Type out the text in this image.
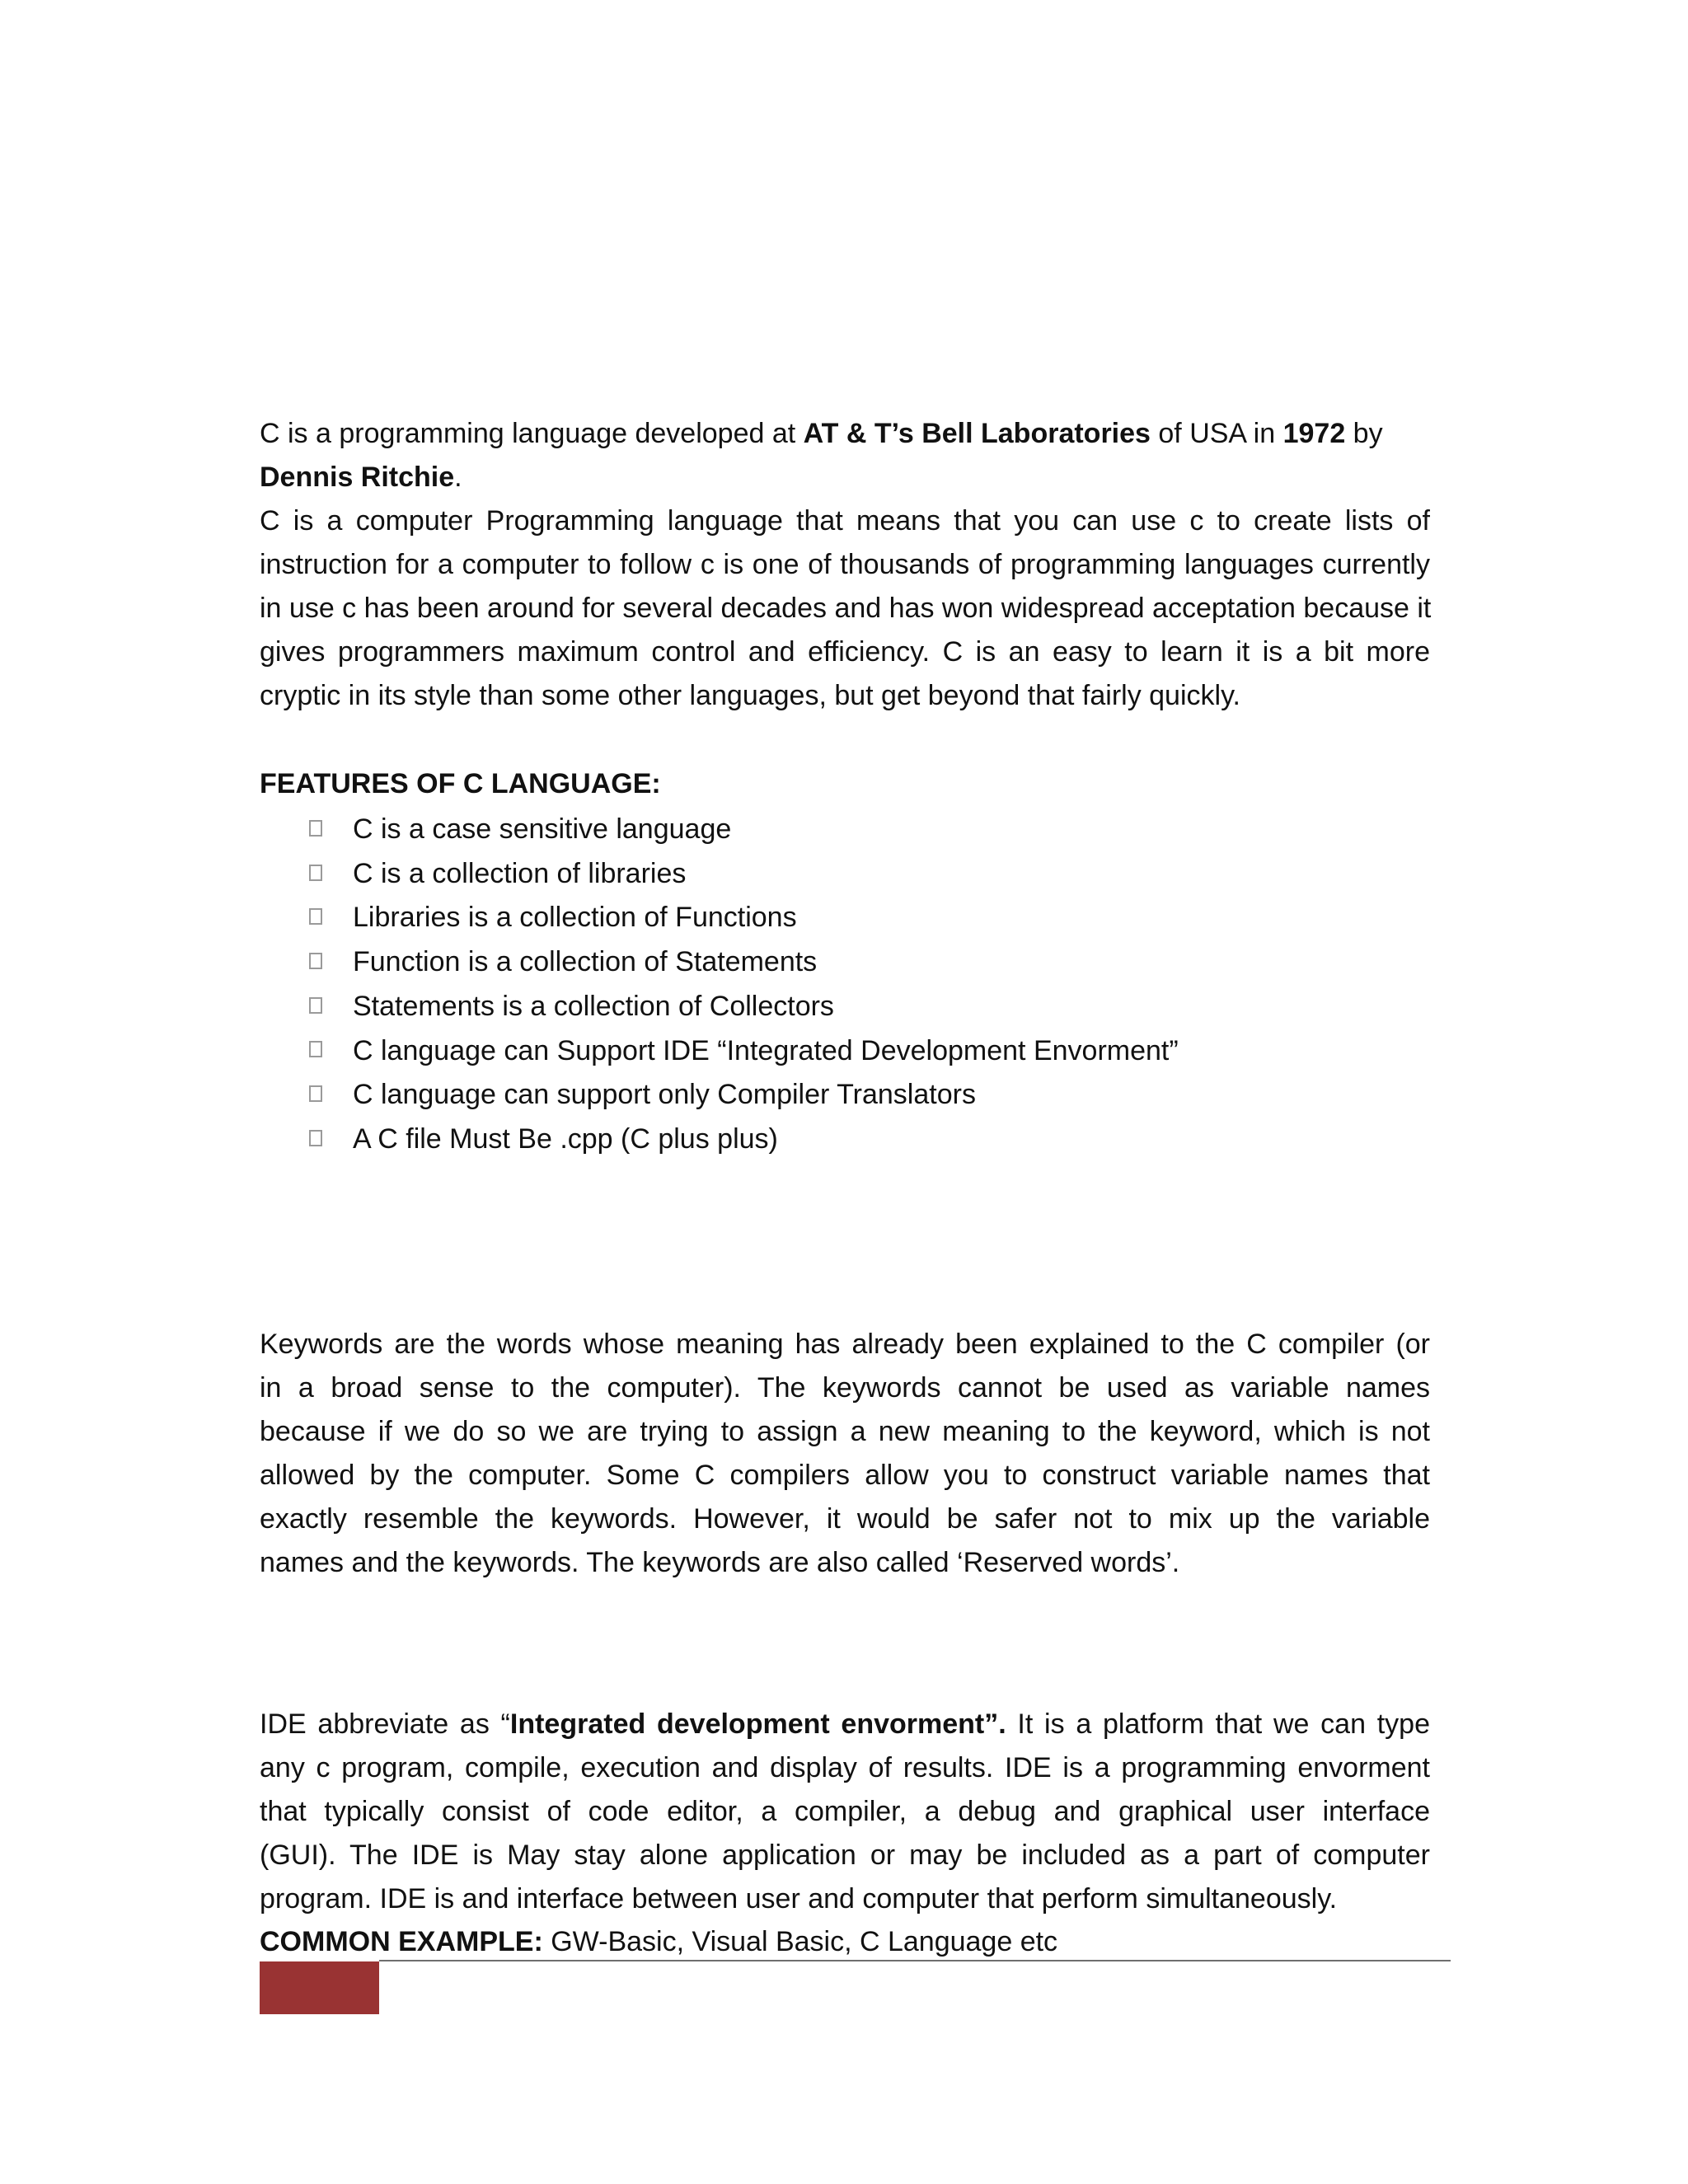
C is a programming language developed at AT & T’s Bell Laboratories of USA in 1972 by
Dennis Ritchie.
C is a computer Programming language that means that you can use c to create lists of
instruction for a computer to follow c is one of thousands of programming languages currently
in use c has been around for several decades and has won widespread acceptation because it
gives programmers maximum control and efficiency. C is an easy to learn it is a bit more
cryptic in its style than some other languages, but get beyond that fairly quickly.
FEATURES OF C LANGUAGE:
C is a case sensitive language
C is a collection of libraries
Libraries is a collection of Functions
Function is a collection of Statements
Statements is a collection of Collectors
C language can Support IDE “Integrated Development Envorment”
C language can support only Compiler Translators
A C file Must Be .cpp (C plus plus)
Keywords are the words whose meaning has already been explained to the C compiler (or
in a broad sense to the computer). The keywords cannot be used as variable names
because if we do so we are trying to assign a new meaning to the keyword, which is not
allowed by the computer. Some C compilers allow you to construct variable names that
exactly resemble the keywords. However, it would be safer not to mix up the variable
names and the keywords. The keywords are also called ‘Reserved words’.
IDE abbreviate as “Integrated development envorment”. It is a platform that we can type
any c program, compile, execution and display of results. IDE is a programming envorment
that typically consist of code editor, a compiler, a debug and graphical user interface
(GUI). The IDE is May stay alone application or may be included as a part of computer
program. IDE is and interface between user and computer that perform simultaneously.
COMMON EXAMPLE: GW-Basic, Visual Basic, C Language etc
